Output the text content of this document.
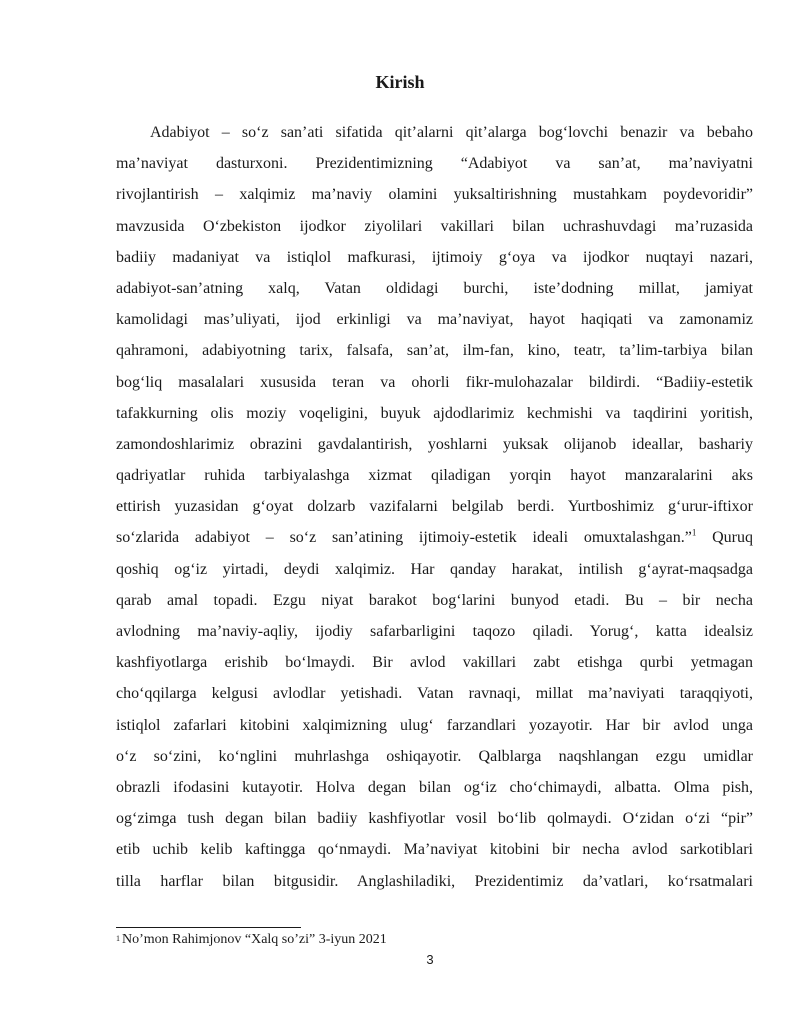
Kirish
Adabiyot – so‘z san’ati sifatida qit’alarni qit’alarga bog‘lovchi benazir va bebaho
ma’naviyat dasturxoni. Prezidentimizning “Adabiyot va san’at, ma’naviyatni
rivojlantirish – xalqimiz ma’naviy olamini yuksaltirishning mustahkam poydevoridir”
mavzusida O‘zbekiston ijodkor ziyolilari vakillari bilan uchrashuvdagi ma’ruzasida
badiiy madaniyat va istiqlol mafkurasi, ijtimoiy g‘oya va ijodkor nuqtayi nazari,
adabiyot-san’atning xalq, Vatan oldidagi burchi, iste’dodning millat, jamiyat
kamolidagi mas’uliyati, ijod erkinligi va ma’naviyat, hayot haqiqati va zamonamiz
qahramoni, adabiyotning tarix, falsafa, san’at, ilm-fan, kino, teatr, ta’lim-tarbiya bilan
bog‘liq masalalari xususida teran va ohorli fikr-mulohazalar bildirdi. “Badiiy-estetik
tafakkurning olis moziy voqeligini, buyuk ajdodlarimiz kechmishi va taqdirini yoritish,
zamondoshlarimiz obrazini gavdalantirish, yoshlarni yuksak olijanob ideallar, bashariy
qadriyatlar ruhida tarbiyalashga xizmat qiladigan yorqin hayot manzaralarini aks
ettirish yuzasidan g‘oyat dolzarb vazifalarni belgilab berdi. Yurtboshimiz g‘urur-iftixor
so‘zlarida adabiyot – so‘z san’atining ijtimoiy-estetik ideali omuxtalashgan.”$^1$ Quruq
qoshiq og‘iz yirtadi, deydi xalqimiz. Har qanday harakat, intilish g‘ayrat-maqsadga
qarab amal topadi. Ezgu niyat barakot bog‘larini bunyod etadi. Bu – bir necha
avlodning ma’naviy-aqliy, ijodiy safarbarligini taqozo qiladi. Yorug‘, katta idealsiz
kashfiyotlarga erishib bo‘lmaydi. Bir avlod vakillari zabt etishga qurbi yetmagan
cho‘qqilarga kelgusi avlodlar yetishadi. Vatan ravnaqi, millat ma’naviyati taraqqiyoti,
istiqlol zafarlari kitobini xalqimizning ulug‘ farzandlari yozayotir. Har bir avlod unga
o‘z so‘zini, ko‘nglini muhrlashga oshiqayotir. Qalblarga naqshlangan ezgu umidlar
obrazli ifodasini kutayotir. Holva degan bilan og‘iz cho‘chimaydi, albatta. Olma pish,
og‘zimga tush degan bilan badiiy kashfiyotlar vosil bo‘lib qolmaydi. O‘zidan o‘zi “pir”
etib uchib kelib kaftingga qo‘nmaydi. Ma’naviyat kitobini bir necha avlod sarkotiblari
tilla harflar bilan bitgusidir. Anglashiladiki, Prezidentimiz da’vatlari, ko‘rsatmalari
$^1$ No’mon Rahimjonov “Xalq so’zi” 3-iyun 2021
3
